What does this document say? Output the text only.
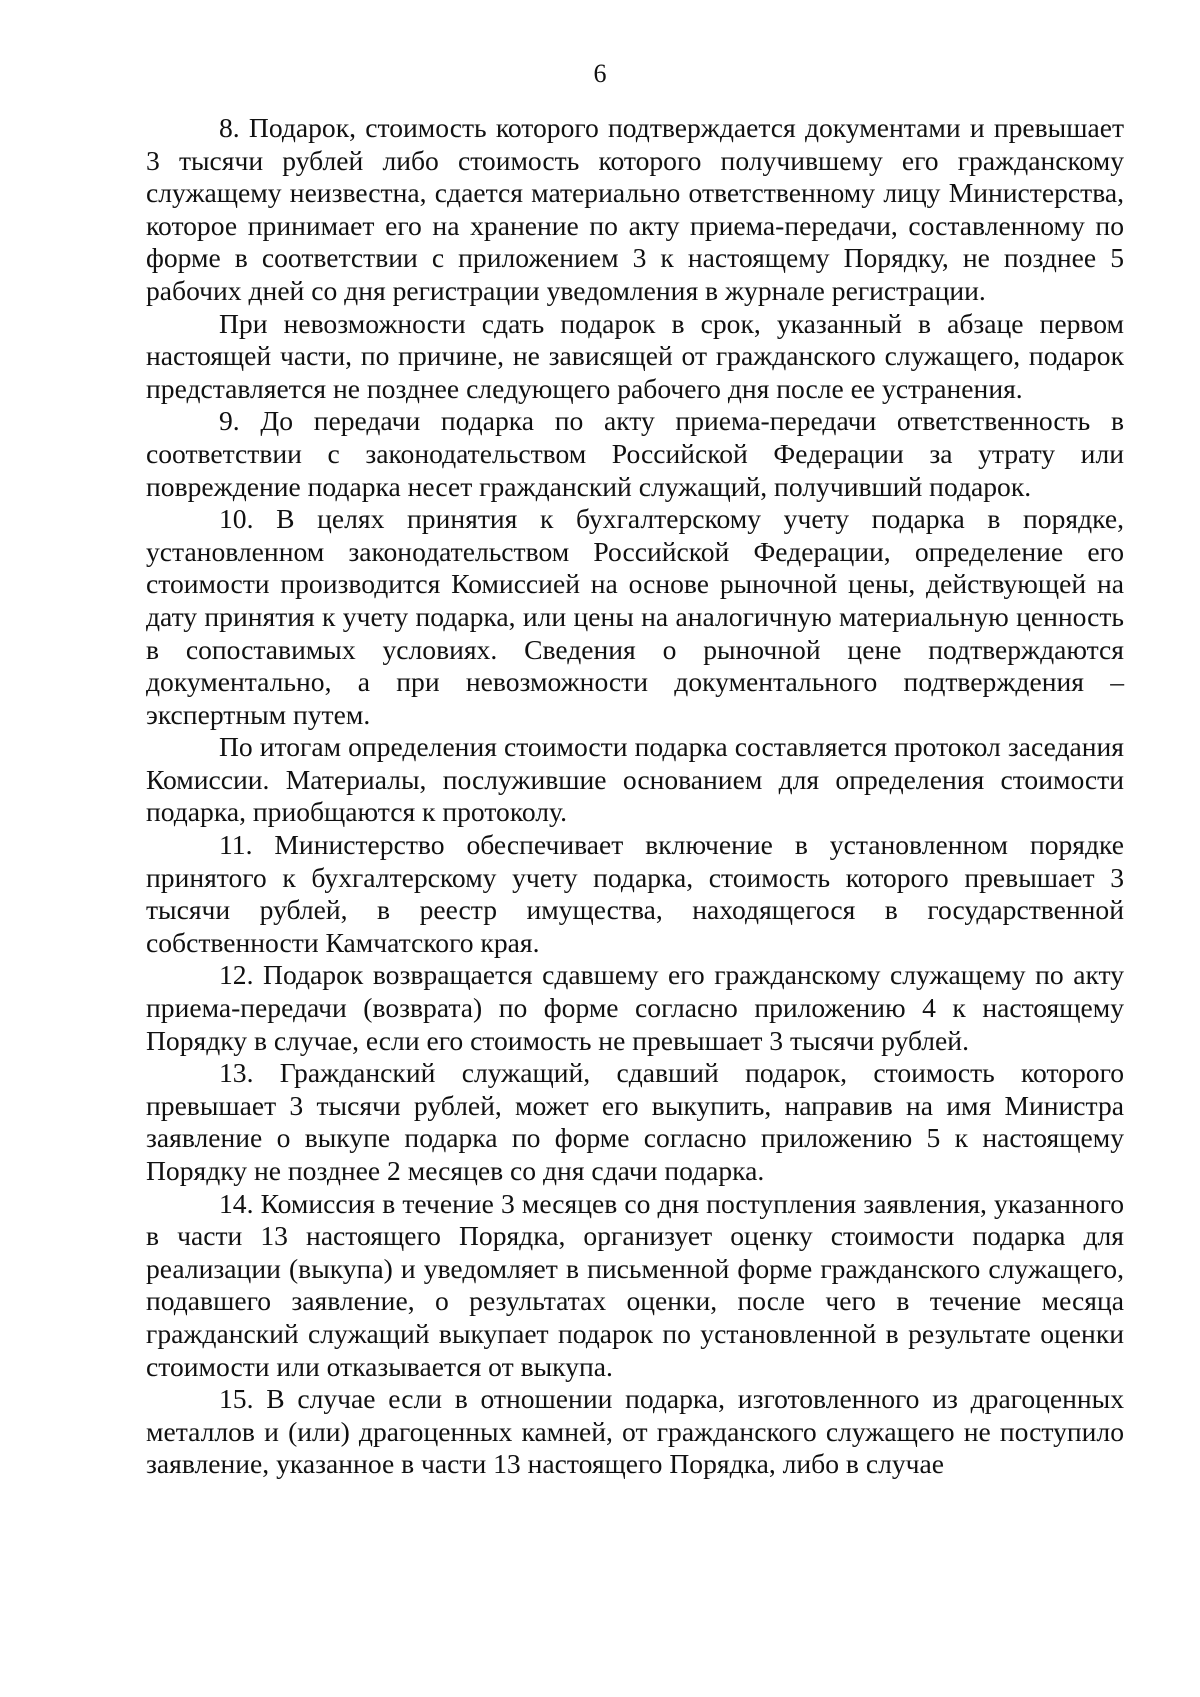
6

8. Подарок, стоимость которого подтверждается документами и превышает 3 тысячи рублей либо стоимость которого получившему его гражданскому служащему неизвестна, сдается материально ответственному лицу Министерства, которое принимает его на хранение по акту приема-передачи, составленному по форме в соответствии с приложением 3 к настоящему Порядку, не позднее 5 рабочих дней со дня регистрации уведомления в журнале регистрации.

При невозможности сдать подарок в срок, указанный в абзаце первом настоящей части, по причине, не зависящей от гражданского служащего, подарок представляется не позднее следующего рабочего дня после ее устранения.

9. До передачи подарка по акту приема-передачи ответственность в соответствии с законодательством Российской Федерации за утрату или повреждение подарка несет гражданский служащий, получивший подарок.

10. В целях принятия к бухгалтерскому учету подарка в порядке, установленном законодательством Российской Федерации, определение его стоимости производится Комиссией на основе рыночной цены, действующей на дату принятия к учету подарка, или цены на аналогичную материальную ценность в сопоставимых условиях. Сведения о рыночной цене подтверждаются документально, а при невозможности документального подтверждения – экспертным путем.

По итогам определения стоимости подарка составляется протокол заседания Комиссии. Материалы, послужившие основанием для определения стоимости подарка, приобщаются к протоколу.

11. Министерство обеспечивает включение в установленном порядке принятого к бухгалтерскому учету подарка, стоимость которого превышает 3 тысячи рублей, в реестр имущества, находящегося в государственной собственности Камчатского края.

12. Подарок возвращается сдавшему его гражданскому служащему по акту приема-передачи (возврата) по форме согласно приложению 4 к настоящему Порядку в случае, если его стоимость не превышает 3 тысячи рублей.

13. Гражданский служащий, сдавший подарок, стоимость которого превышает 3 тысячи рублей, может его выкупить, направив на имя Министра заявление о выкупе подарка по форме согласно приложению 5 к настоящему Порядку не позднее 2 месяцев со дня сдачи подарка.

14. Комиссия в течение 3 месяцев со дня поступления заявления, указанного в части 13 настоящего Порядка, организует оценку стоимости подарка для реализации (выкупа) и уведомляет в письменной форме гражданского служащего, подавшего заявление, о результатах оценки, после чего в течение месяца гражданский служащий выкупает подарок по установленной в результате оценки стоимости или отказывается от выкупа.

15. В случае если в отношении подарка, изготовленного из драгоценных металлов и (или) драгоценных камней, от гражданского служащего не поступило заявление, указанное в части 13 настоящего Порядка, либо в случае
